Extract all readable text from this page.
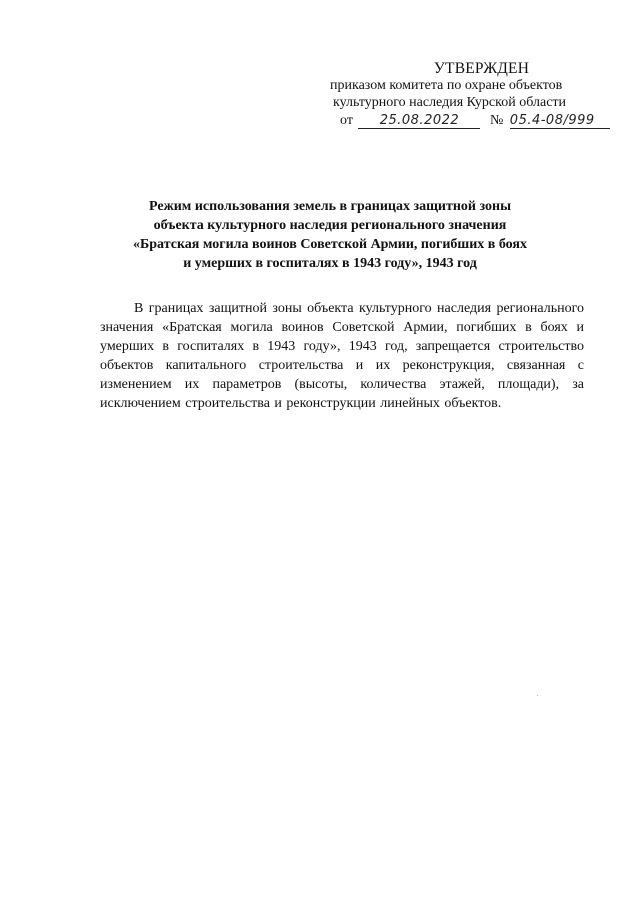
УТВЕРЖДЕН
приказом комитета по охране объектов
культурного наследия Курской области
от 25.08.2022 № 05.4-08/999
Режим использования земель в границах защитной зоны
объекта культурного наследия регионального значения
«Братская могила воинов Советской Армии, погибших в боях
и умерших в госпиталях в 1943 году», 1943 год
В границах защитной зоны объекта культурного наследия регионального значения «Братская могила воинов Советской Армии, погибших в боях и умерших в госпиталях в 1943 году», 1943 год, запрещается строительство объектов капитального строительства и их реконструкция, связанная с изменением их параметров (высоты, количества этажей, площади), за исключением строительства и реконструкции линейных объектов.
